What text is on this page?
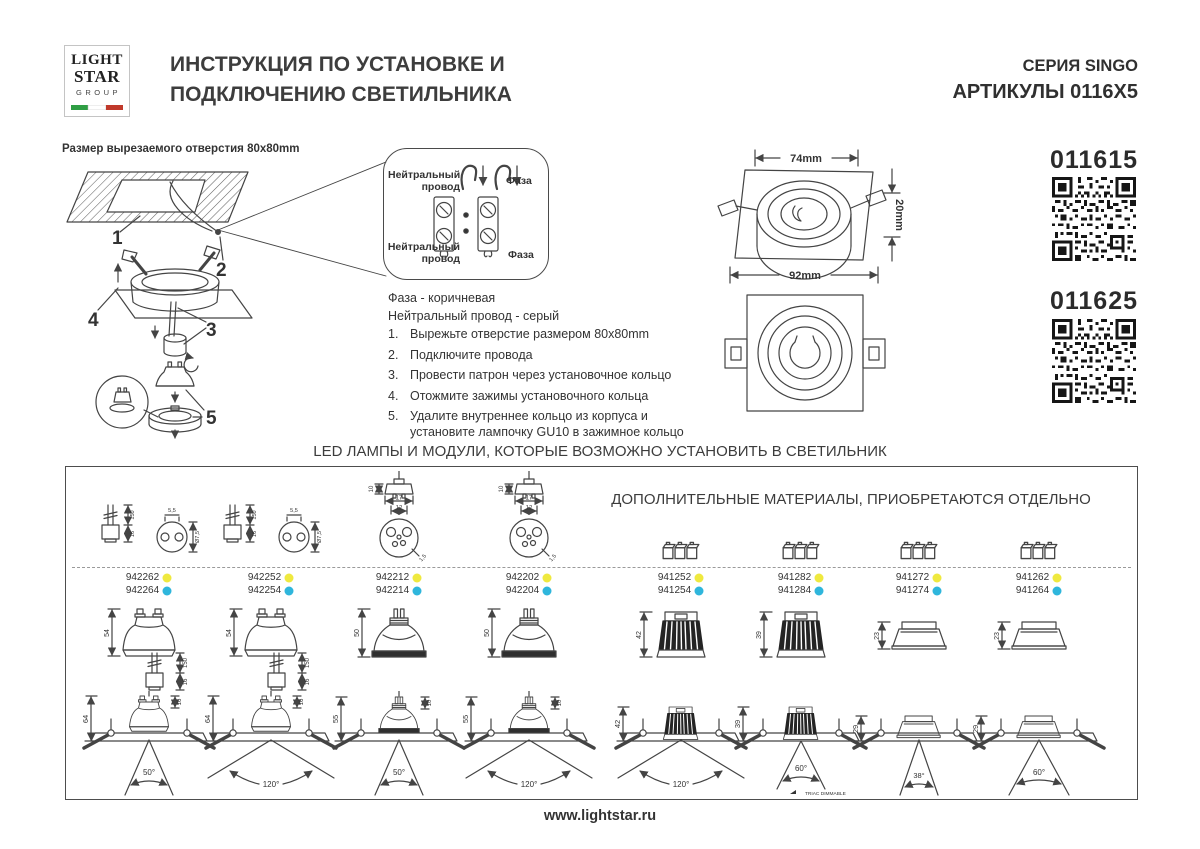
LIGHT
STAR
GROUP
ИНСТРУКЦИЯ ПО УСТАНОВКЕ И
ПОДКЛЮЧЕНИЮ СВЕТИЛЬНИКА
СЕРИЯ SINGO
АРТИКУЛЫ 0116X5
Размер вырезаемого отверстия 80x80mm
1
2
3
4
5
Нейтральный провод	Фаза
Нейтральный провод	Фаза
Фаза - коричневая
Нейтральный провод - серый
1. Вырежьте отверстие размером 80x80mm
2. Подключите провода
3. Провести патрон через установочное кольцо
4. Отожмите зажимы установочного кольца
5. Удалите внутреннее кольцо из корпуса и установите лампочку GU10 в зажимное кольцо
74mm
20mm
92mm
011615
011625
LED ЛАМПЫ И МОДУЛИ, КОТОРЫЕ ВОЗМОЖНО УСТАНОВИТЬ В СВЕТИЛЬНИК
ДОПОЛНИТЕЛЬНЫЕ МАТЕРИАЛЫ, ПРИОБРЕТАЮТСЯ ОТДЕЛЬНО
150
16
5,5
Ø7,5
942262
942264
54
150
16
64
16
50°
150
16
5,5
Ø7,5
942252
942254
54
150
16
64
16
120°
10
17
12
1,5
942212
942214
50
55
10
50°
10
17
12
1,5
942202
942204
50
55
10
120°
941252
941254
42
42
120°
941282
941284
39
39
60°
TRIAC DIMMABLE
941272
941274
23
29
38°
941262
941264
23
29
60°
www.lightstar.ru
